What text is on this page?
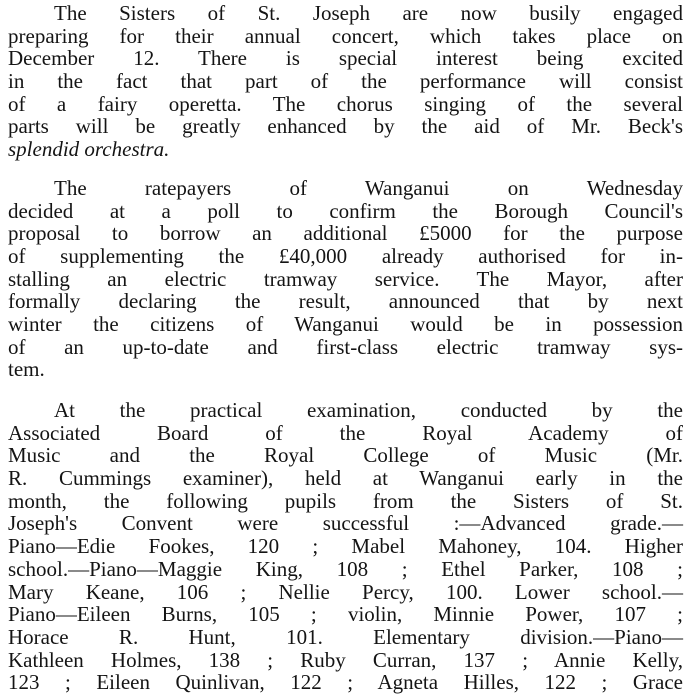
The Sisters of St. Joseph are now busily engaged
preparing for their annual concert, which takes place on
December 12. There is special interest being excited
in the fact that part of the performance will consist
of a fairy operetta. The chorus singing of the several
parts will be greatly enhanced by the aid of Mr. Beck's
splendid orchestra.
The ratepayers of Wanganui on Wednesday
decided at a poll to confirm the Borough Council's
proposal to borrow an additional £5000 for the purpose
of supplementing the £40,000 already authorised for in-
stalling an electric tramway service. The Mayor, after
formally declaring the result, announced that by next
winter the citizens of Wanganui would be in possession
of an up-to-date and first-class electric tramway sys-
tem.
At the practical examination, conducted by the
Associated Board of the Royal Academy of
Music and the Royal College of Music (Mr.
R. Cummings examiner), held at Wanganui early in the
month, the following pupils from the Sisters of St.
Joseph's Convent were successful :—Advanced grade.—
Piano—Edie Fookes, 120 ; Mabel Mahoney, 104. Higher
school.—Piano—Maggie King, 108 ; Ethel Parker, 108 ;
Mary Keane, 106 ; Nellie Percy, 100. Lower school.—
Piano—Eileen Burns, 105 ; violin, Minnie Power, 107 ;
Horace R. Hunt, 101. Elementary division.—Piano—
Kathleen Holmes, 138 ; Ruby Curran, 137 ; Annie Kelly,
123 ; Eileen Quinlivan, 122 ; Agneta Hilles, 122 ; Grace
